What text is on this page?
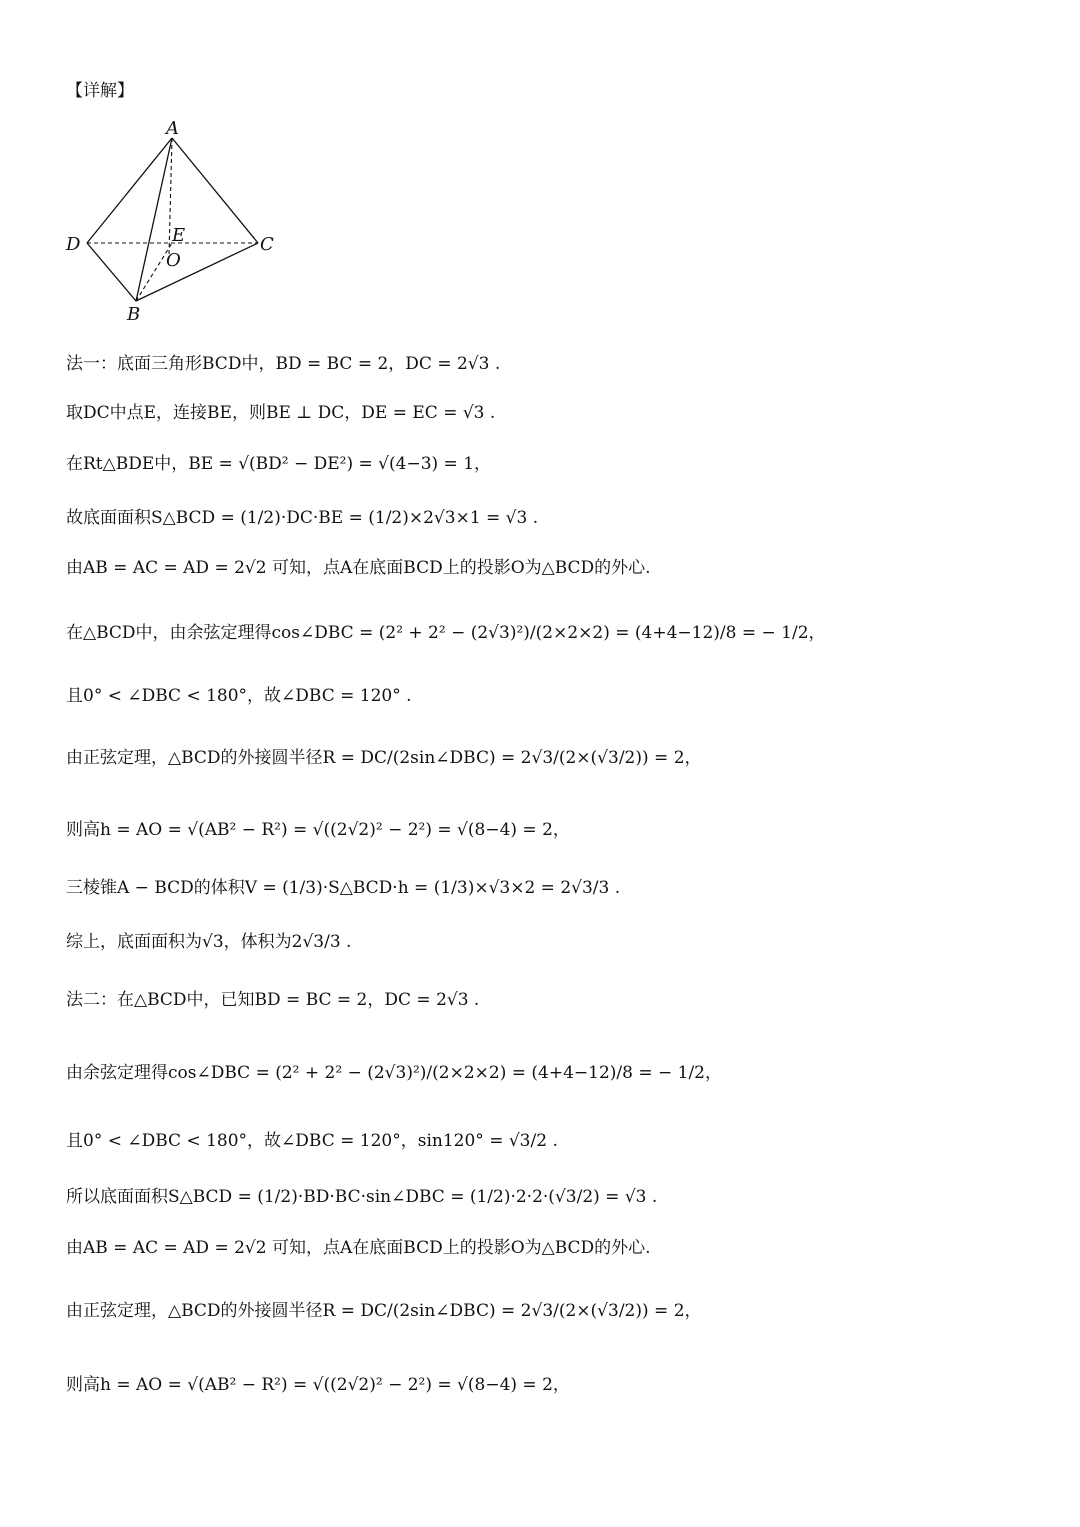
【详解】
A
D	C
E
O
B
法一：底面三角形BCD中，BD = BC = 2，DC = 2√3 .
取DC中点E，连接BE，则BE ⊥ DC，DE = EC = √3 .
在Rt△BDE中，BE = √(BD² − DE²) = √(4−3) = 1，
故底面面积S△BCD = (1/2)·DC·BE = (1/2)×2√3×1 = √3 .
由AB = AC = AD = 2√2 可知，点A在底面BCD上的投影O为△BCD的外心.
在△BCD中，由余弦定理得cos∠DBC = (2² + 2² − (2√3)²)/(2×2×2) = (4+4−12)/8 = − 1/2，
且0° < ∠DBC < 180°，故∠DBC = 120° .
由正弦定理，△BCD的外接圆半径R = DC/(2sin∠DBC) = 2√3/(2×(√3/2)) = 2，
则高h = AO = √(AB² − R²) = √((2√2)² − 2²) = √(8−4) = 2，
三棱锥A − BCD的体积V = (1/3)·S△BCD·h = (1/3)×√3×2 = 2√3/3 .
综上，底面面积为√3，体积为2√3/3 .
法二：在△BCD中，已知BD = BC = 2，DC = 2√3 .
由余弦定理得cos∠DBC = (2² + 2² − (2√3)²)/(2×2×2) = (4+4−12)/8 = − 1/2，
且0° < ∠DBC < 180°，故∠DBC = 120°，sin120° = √3/2 .
所以底面面积S△BCD = (1/2)·BD·BC·sin∠DBC = (1/2)·2·2·(√3/2) = √3 .
由AB = AC = AD = 2√2 可知，点A在底面BCD上的投影O为△BCD的外心.
由正弦定理，△BCD的外接圆半径R = DC/(2sin∠DBC) = 2√3/(2×(√3/2)) = 2，
则高h = AO = √(AB² − R²) = √((2√2)² − 2²) = √(8−4) = 2，
